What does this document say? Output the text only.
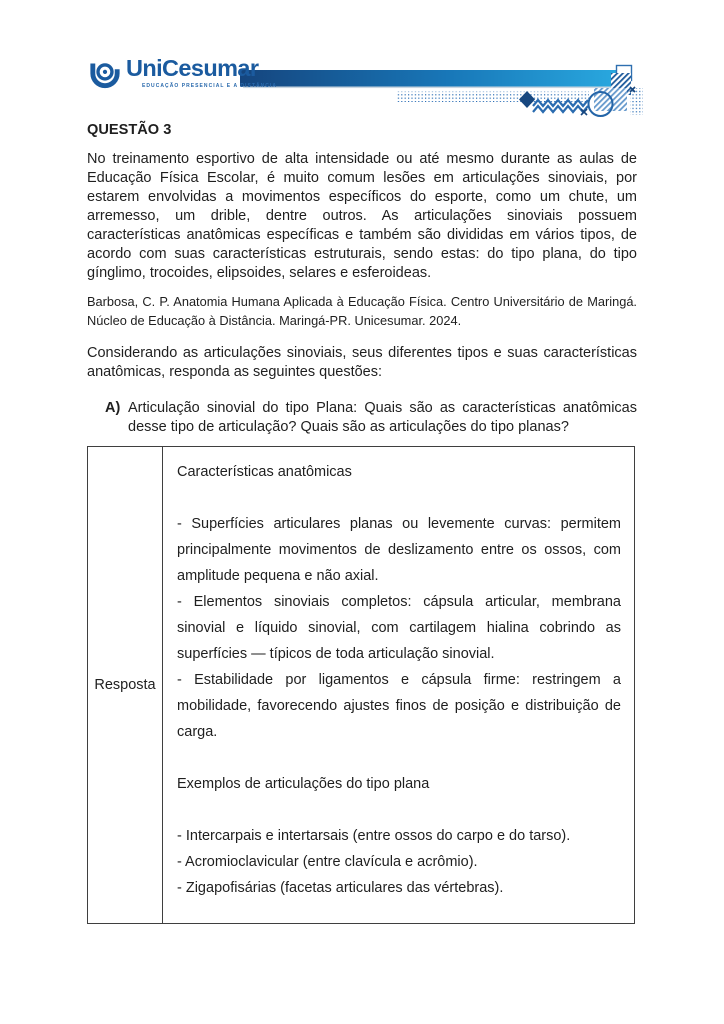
UniCesumar
EDUCAÇÃO PRESENCIAL E A DISTÂNCIA
QUESTÃO 3

No treinamento esportivo de alta intensidade ou até mesmo durante as aulas de Educação Física Escolar, é muito comum lesões em articulações sinoviais, por estarem envolvidas a movimentos específicos do esporte, como um chute, um arremesso, um drible, dentre outros. As articulações sinoviais possuem características anatômicas específicas e também são divididas em vários tipos, de acordo com suas características estruturais, sendo estas: do tipo plana, do tipo gínglimo, trocoides, elipsoides, selares e esferoideas.

Barbosa, C. P. Anatomia Humana Aplicada à Educação Física. Centro Universitário de Maringá. Núcleo de Educação à Distância. Maringá-PR. Unicesumar. 2024.

Considerando as articulações sinoviais, seus diferentes tipos e suas características anatômicas, responda as seguintes questões:

A) Articulação sinovial do tipo Plana: Quais são as características anatômicas desse tipo de articulação? Quais são as articulações do tipo planas?
Resposta	

Características anatômicas

- Superfícies articulares planas ou levemente curvas: permitem principalmente movimentos de deslizamento entre os ossos, com amplitude pequena e não axial.

- Elementos sinoviais completos: cápsula articular, membrana sinovial e líquido sinovial, com cartilagem hialina cobrindo as superfícies — típicos de toda articulação sinovial.

- Estabilidade por ligamentos e cápsula firme: restringem a mobilidade, favorecendo ajustes finos de posição e distribuição de carga.

Exemplos de articulações do tipo plana

- Intercarpais e intertarsais (entre ossos do carpo e do tarso).

- Acromioclavicular (entre clavícula e acrômio).

- Zigapofisárias (facetas articulares das vértebras).
